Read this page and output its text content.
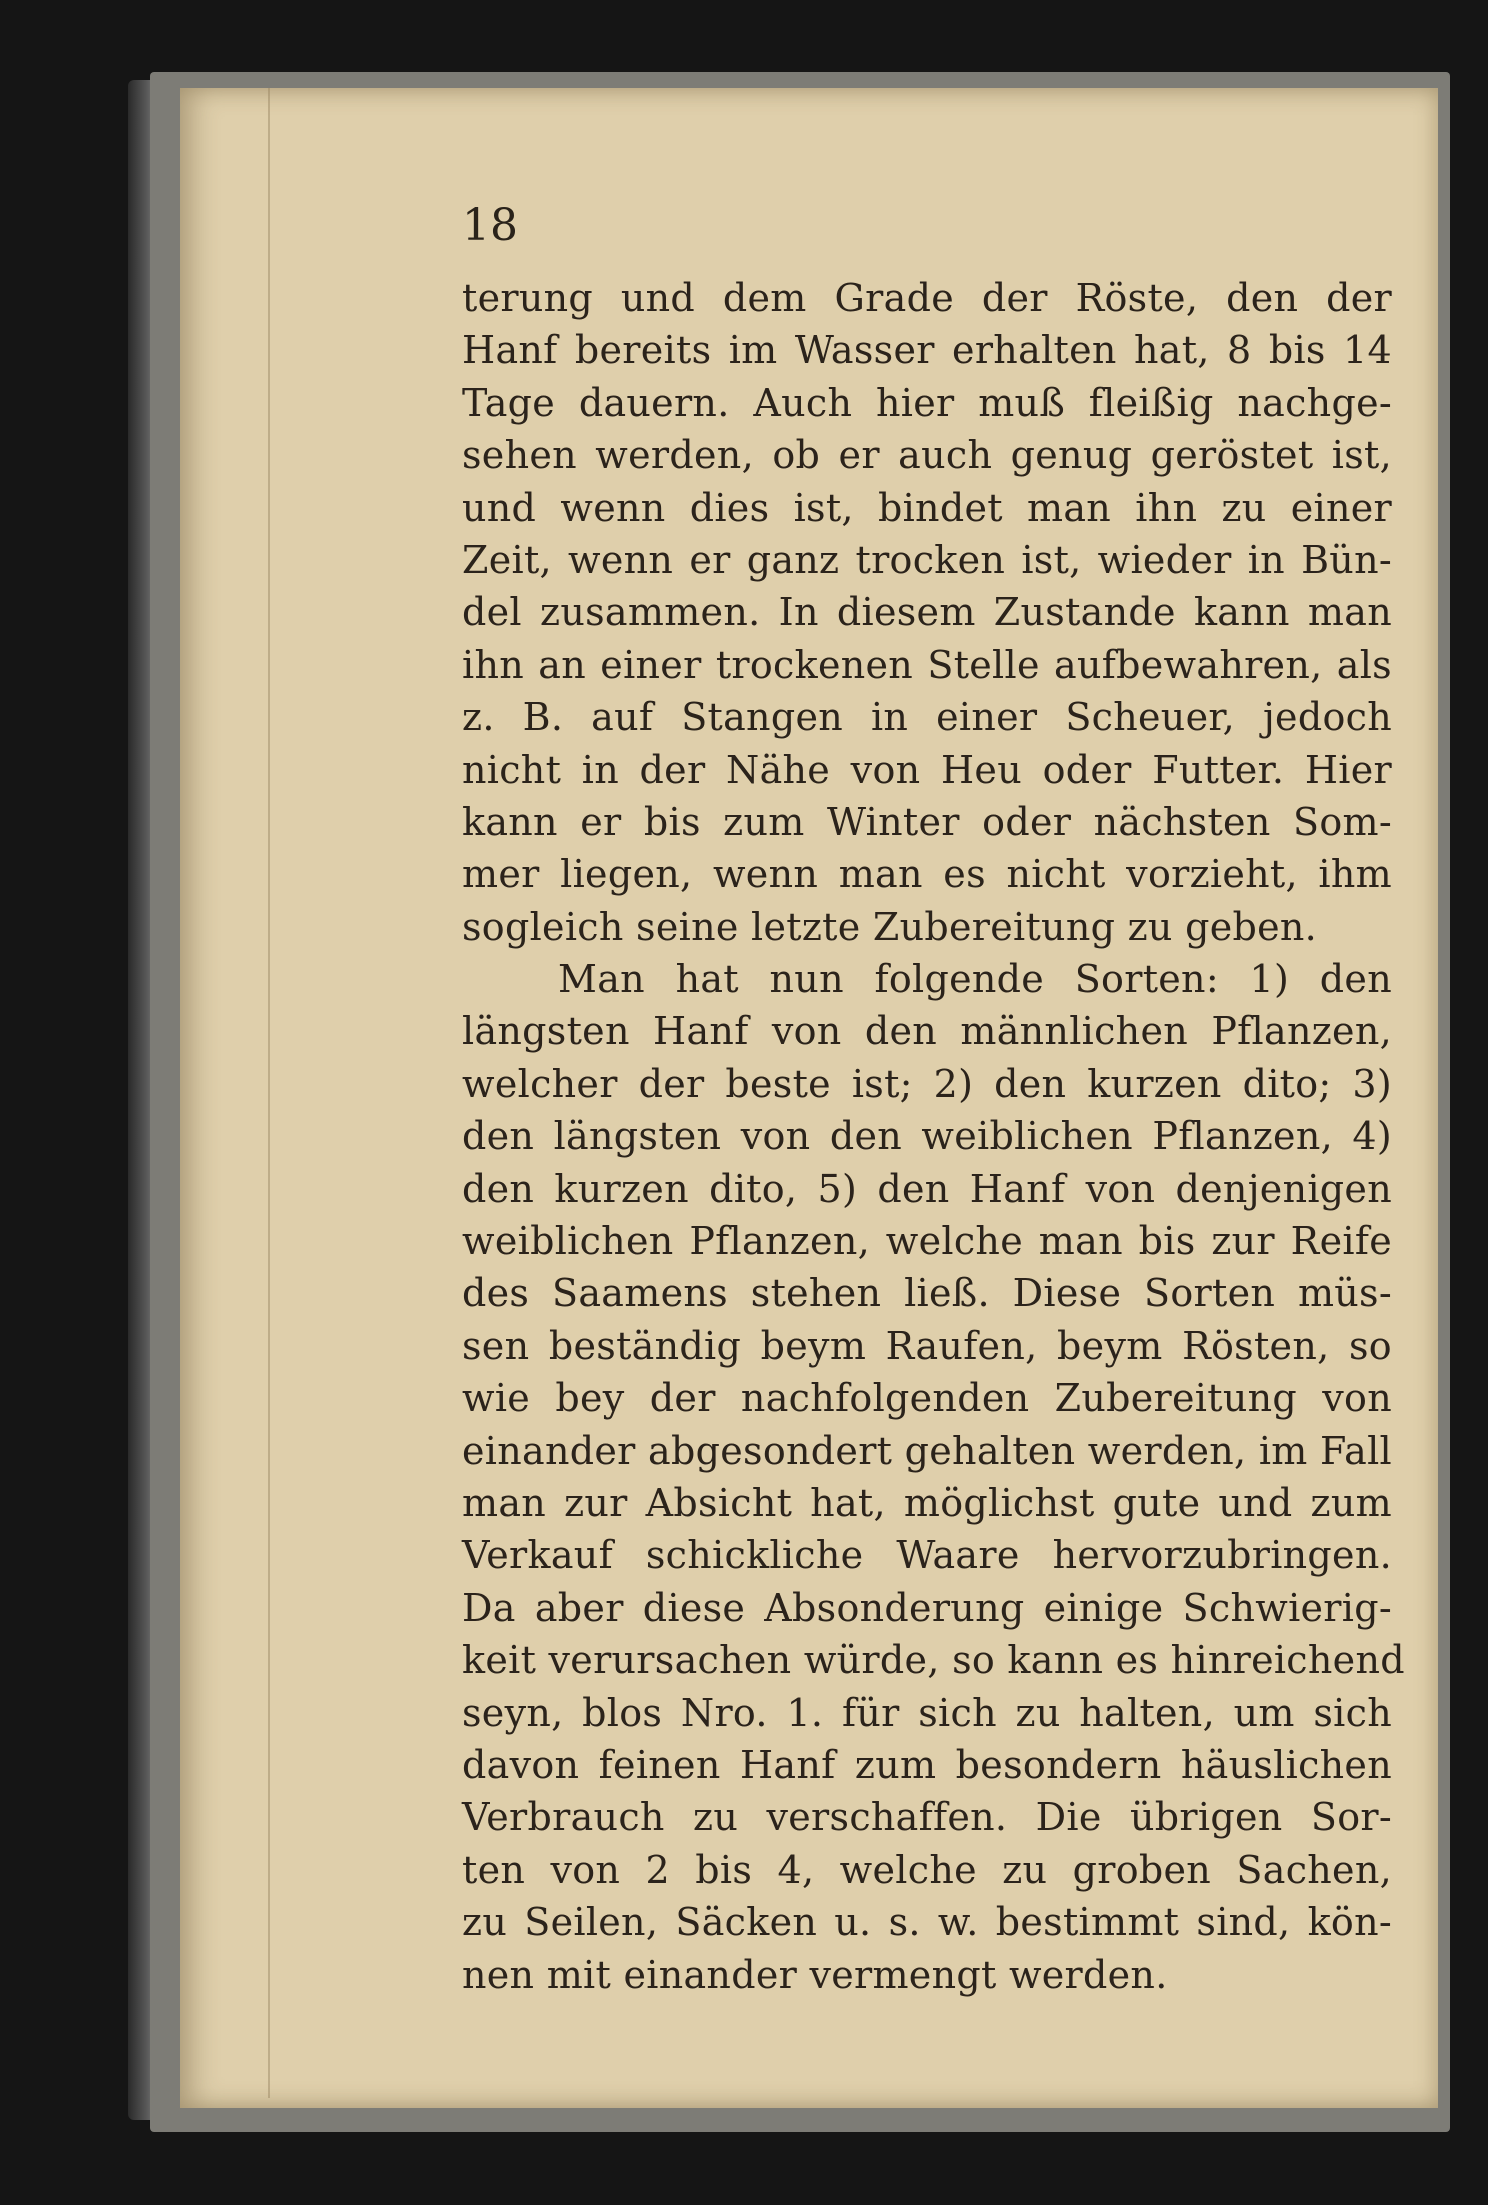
18
terung und dem Grade der Röste, den der
Hanf bereits im Wasser erhalten hat, 8 bis 14
Tage dauern. Auch hier muß fleißig nachge-
sehen werden, ob er auch genug geröstet ist,
und wenn dies ist, bindet man ihn zu einer
Zeit, wenn er ganz trocken ist, wieder in Bün-
del zusammen. In diesem Zustande kann man
ihn an einer trockenen Stelle aufbewahren, als
z. B. auf Stangen in einer Scheuer, jedoch
nicht in der Nähe von Heu oder Futter. Hier
kann er bis zum Winter oder nächsten Som-
mer liegen, wenn man es nicht vorzieht, ihm
sogleich seine letzte Zubereitung zu geben.
Man hat nun folgende Sorten: 1) den
längsten Hanf von den männlichen Pflanzen,
welcher der beste ist; 2) den kurzen dito; 3)
den längsten von den weiblichen Pflanzen, 4)
den kurzen dito, 5) den Hanf von denjenigen
weiblichen Pflanzen, welche man bis zur Reife
des Saamens stehen ließ. Diese Sorten müs-
sen beständig beym Raufen, beym Rösten, so
wie bey der nachfolgenden Zubereitung von
einander abgesondert gehalten werden, im Fall
man zur Absicht hat, möglichst gute und zum
Verkauf schickliche Waare hervorzubringen.
Da aber diese Absonderung einige Schwierig-
keit verursachen würde, so kann es hinreichend
seyn, blos Nro. 1. für sich zu halten, um sich
davon feinen Hanf zum besondern häuslichen
Verbrauch zu verschaffen. Die übrigen Sor-
ten von 2 bis 4, welche zu groben Sachen,
zu Seilen, Säcken u. s. w. bestimmt sind, kön-
nen mit einander vermengt werden.
